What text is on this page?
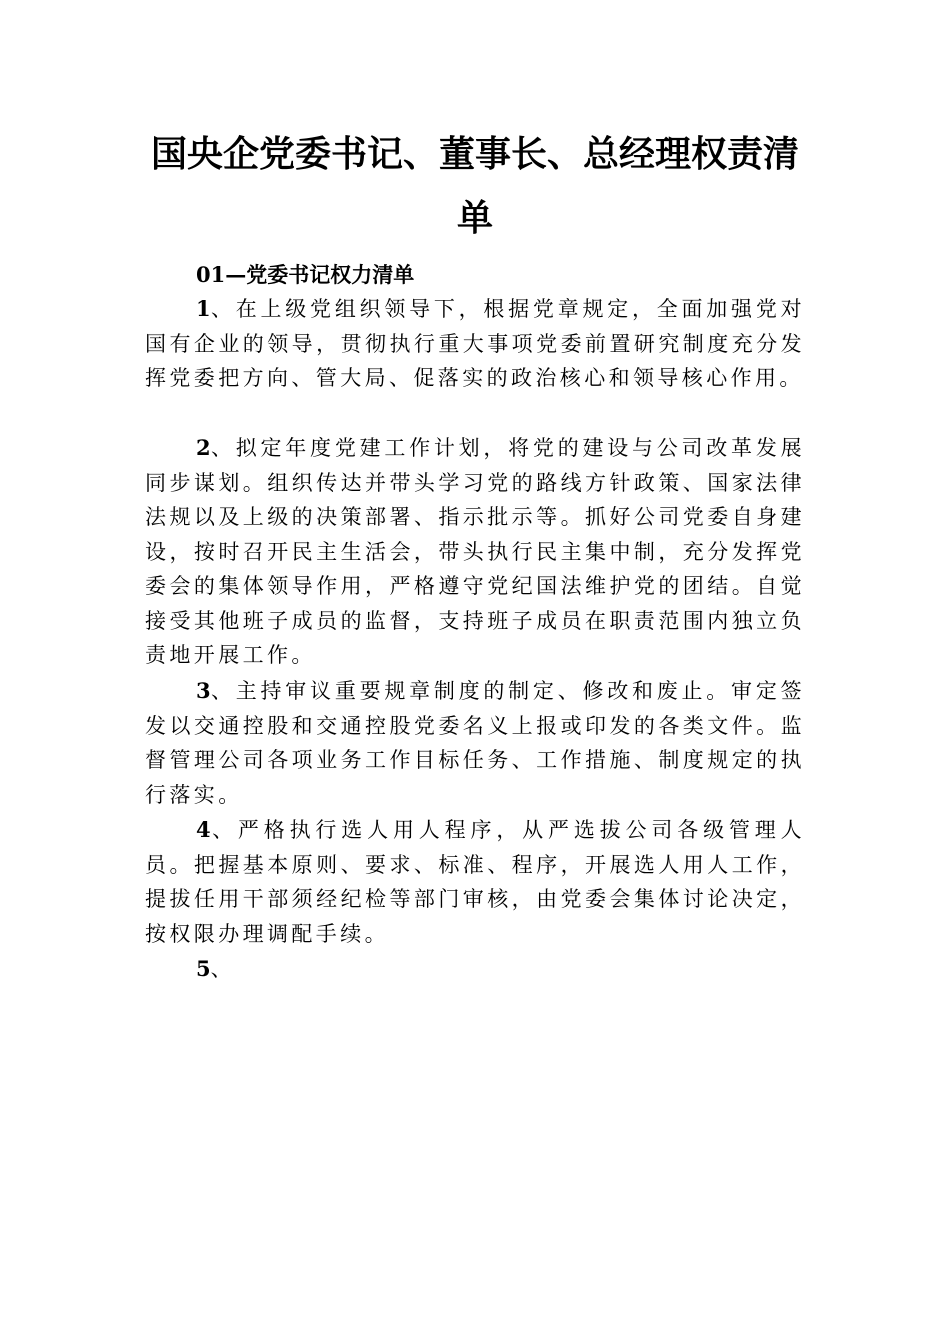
国央企党委书记、董事长、总经理权责清单
01—党委书记权力清单
1、在上级党组织领导下，根据党章规定，全面加强党对国有企业的领导，贯彻执行重大事项党委前置研究制度充分发挥党委把方向、管大局、促落实的政治核心和领导核心作用。
2、拟定年度党建工作计划，将党的建设与公司改革发展同步谋划。组织传达并带头学习党的路线方针政策、国家法律法规以及上级的决策部署、指示批示等。抓好公司党委自身建设，按时召开民主生活会，带头执行民主集中制，充分发挥党委会的集体领导作用，严格遵守党纪国法维护党的团结。自觉接受其他班子成员的监督，支持班子成员在职责范围内独立负责地开展工作。
3、主持审议重要规章制度的制定、修改和废止。审定签发以交通控股和交通控股党委名义上报或印发的各类文件。监督管理公司各项业务工作目标任务、工作措施、制度规定的执行落实。
4、严格执行选人用人程序，从严选拔公司各级管理人员。把握基本原则、要求、标准、程序，开展选人用人工作，提拔任用干部须经纪检等部门审核，由党委会集体讨论决定，按权限办理调配手续。
5、
